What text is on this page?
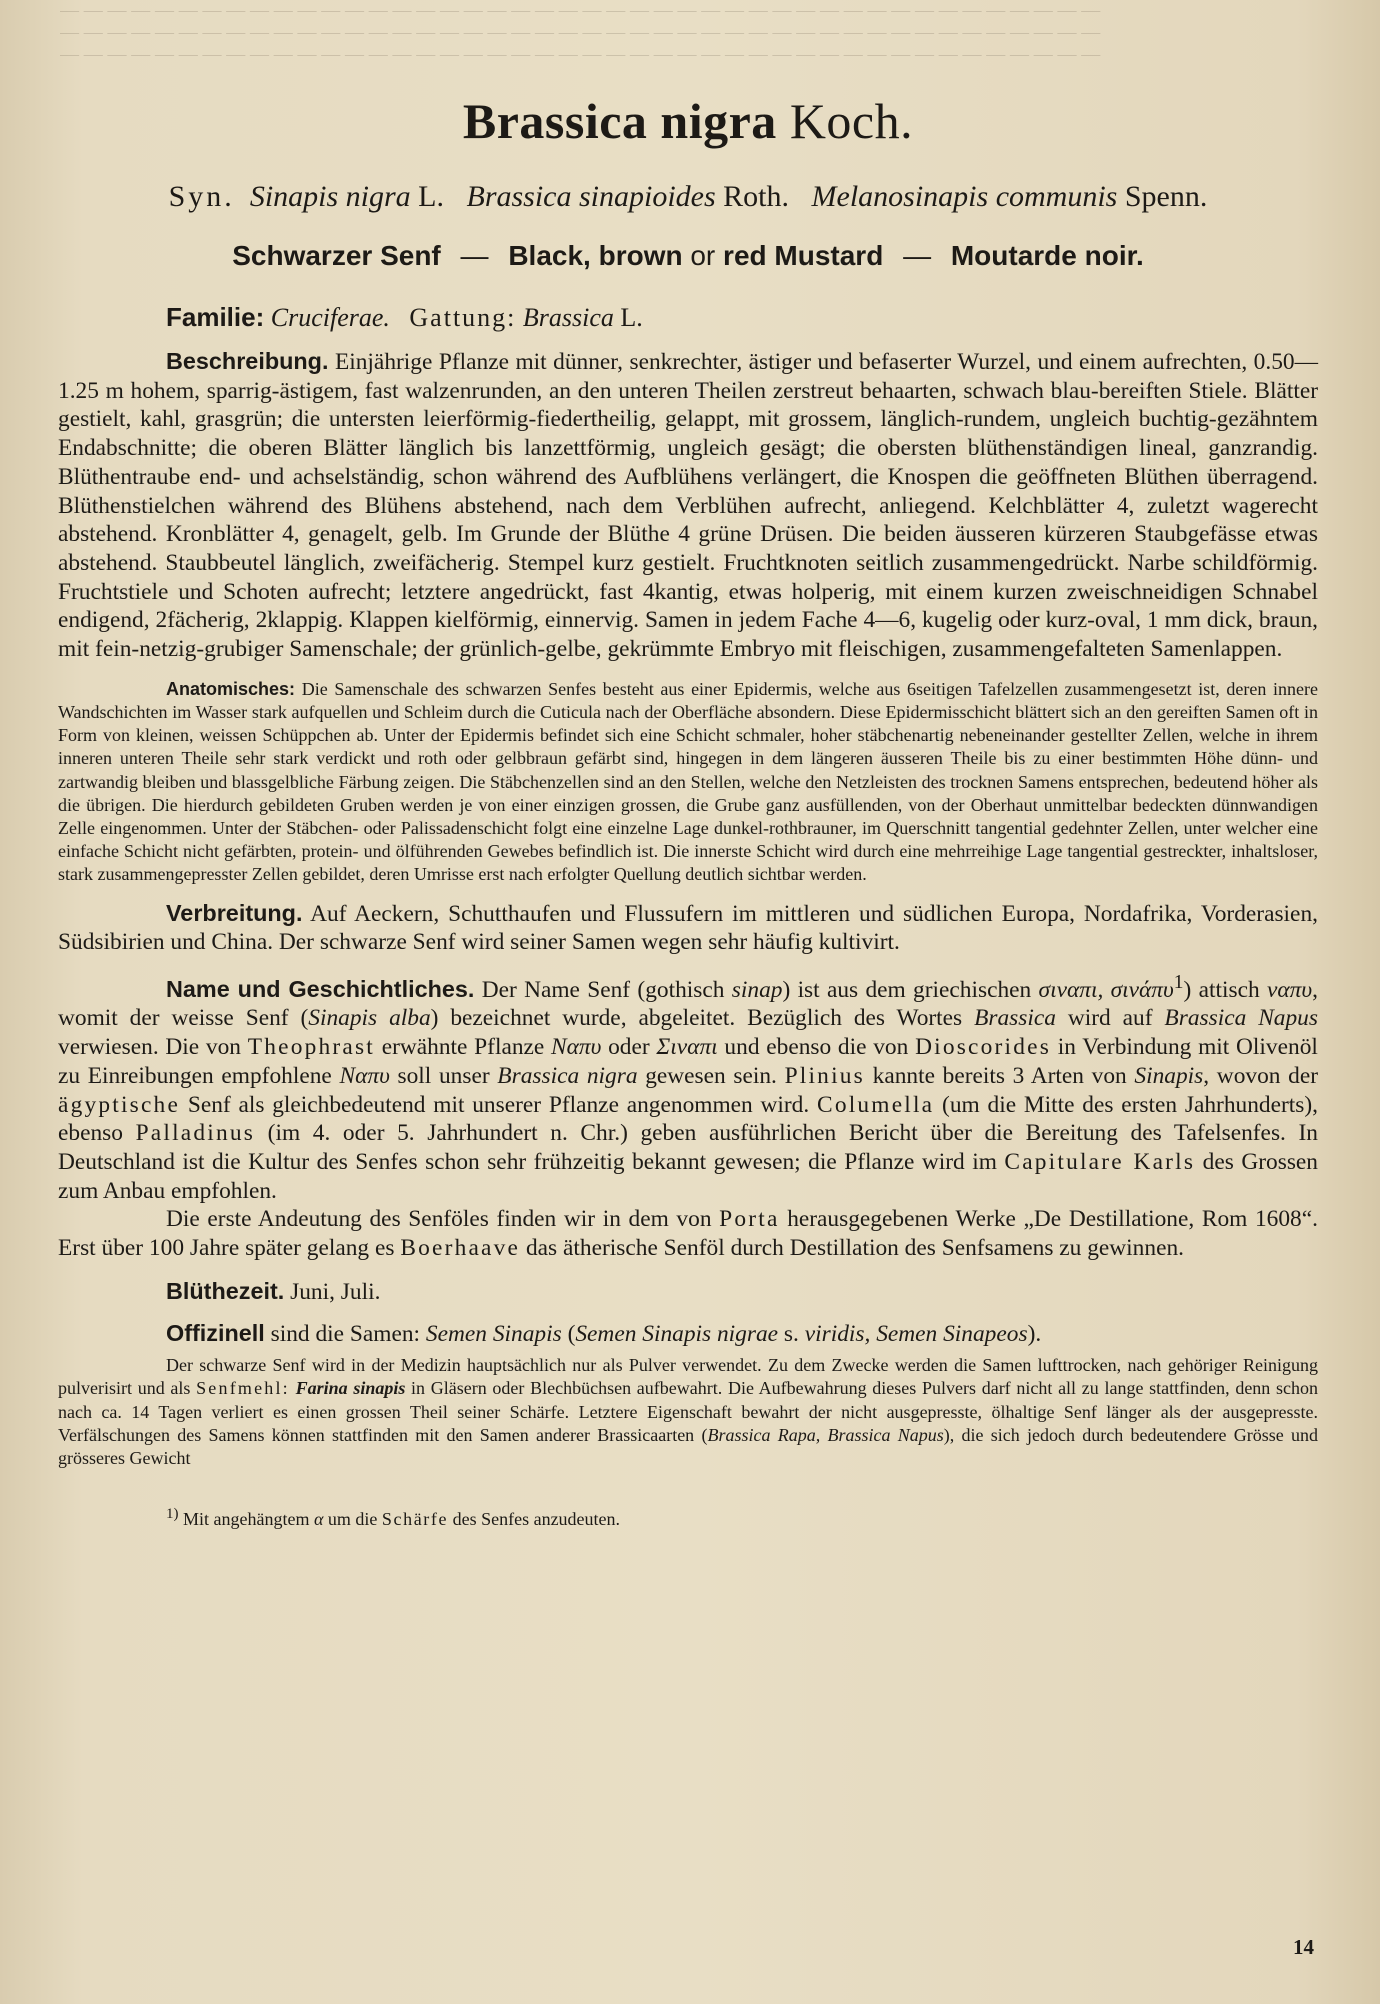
— — — — — — — — — — — — — — — — — — — — — — — — — — — — — — — — — — — — — — — — — — — —
— — — — — — — — — — — — — — — — — — — — — — — — — — — — — — — — — — — — — — — — — — — —
— — — — — — — — — — — — — — — — — — — — — — — — — — — — — — — — — — — — — — — — — — — —
Brassica nigra Koch.
Syn. Sinapis nigra L. Brassica sinapioides Roth. Melanosinapis communis Spenn.
Schwarzer Senf — Black, brown or red Mustard — Moutarde noir.
Familie: Cruciferae. Gattung: Brassica L.

Beschreibung. Einjährige Pflanze mit dünner, senkrechter, ästiger und befaserter Wurzel, und einem aufrechten, 0.50—1.25 m hohem, sparrig-ästigem, fast walzenrunden, an den unteren Theilen zerstreut behaarten, schwach blau-bereiften Stiele. Blätter gestielt, kahl, grasgrün; die untersten leierförmig-fiedertheilig, gelappt, mit grossem, länglich-rundem, ungleich buchtig-gezähntem Endabschnitte; die oberen Blätter länglich bis lanzettförmig, ungleich gesägt; die obersten blüthenständigen lineal, ganzrandig. Blüthentraube end- und achselständig, schon während des Aufblühens verlängert, die Knospen die geöffneten Blüthen überragend. Blüthenstielchen während des Blühens abstehend, nach dem Verblühen aufrecht, anliegend. Kelchblätter 4, zuletzt wagerecht abstehend. Kronblätter 4, genagelt, gelb. Im Grunde der Blüthe 4 grüne Drüsen. Die beiden äusseren kürzeren Staubgefässe etwas abstehend. Staubbeutel länglich, zweifächerig. Stempel kurz gestielt. Fruchtknoten seitlich zusammengedrückt. Narbe schildförmig. Fruchtstiele und Schoten aufrecht; letztere angedrückt, fast 4kantig, etwas holperig, mit einem kurzen zweischneidigen Schnabel endigend, 2fächerig, 2klappig. Klappen kielförmig, einnervig. Samen in jedem Fache 4—6, kugelig oder kurz-oval, 1 mm dick, braun, mit fein-netzig-grubiger Samenschale; der grünlich-gelbe, gekrümmte Embryo mit fleischigen, zusammengefalteten Samenlappen.

Anatomisches: Die Samenschale des schwarzen Senfes besteht aus einer Epidermis, welche aus 6seitigen Tafelzellen zusammengesetzt ist, deren innere Wandschichten im Wasser stark aufquellen und Schleim durch die Cuticula nach der Oberfläche absondern. Diese Epidermisschicht blättert sich an den gereiften Samen oft in Form von kleinen, weissen Schüppchen ab. Unter der Epidermis befindet sich eine Schicht schmaler, hoher stäbchenartig nebeneinander gestellter Zellen, welche in ihrem inneren unteren Theile sehr stark verdickt und roth oder gelbbraun gefärbt sind, hingegen in dem längeren äusseren Theile bis zu einer bestimmten Höhe dünn- und zartwandig bleiben und blassgelbliche Färbung zeigen. Die Stäbchenzellen sind an den Stellen, welche den Netzleisten des trocknen Samens entsprechen, bedeutend höher als die übrigen. Die hierdurch gebildeten Gruben werden je von einer einzigen grossen, die Grube ganz ausfüllenden, von der Oberhaut unmittelbar bedeckten dünnwandigen Zelle eingenommen. Unter der Stäbchen- oder Palissadenschicht folgt eine einzelne Lage dunkel-rothbrauner, im Querschnitt tangential gedehnter Zellen, unter welcher eine einfache Schicht nicht gefärbten, protein- und ölführenden Gewebes befindlich ist. Die innerste Schicht wird durch eine mehrreihige Lage tangential gestreckter, inhaltsloser, stark zusammengepresster Zellen gebildet, deren Umrisse erst nach erfolgter Quellung deutlich sichtbar werden.

Verbreitung. Auf Aeckern, Schutthaufen und Flussufern im mittleren und südlichen Europa, Nordafrika, Vorderasien, Südsibirien und China. Der schwarze Senf wird seiner Samen wegen sehr häufig kultivirt.

Name und Geschichtliches. Der Name Senf (gothisch sinap) ist aus dem griechischen σιναπι, σινάπυ$^1$) attisch ναπυ, womit der weisse Senf (Sinapis alba) bezeichnet wurde, abgeleitet. Bezüglich des Wortes Brassica wird auf Brassica Napus verwiesen. Die von Theophrast erwähnte Pflanze Ναπυ oder Σιναπι und ebenso die von Dioscorides in Verbindung mit Olivenöl zu Einreibungen empfohlene Ναπυ soll unser Brassica nigra gewesen sein. Plinius kannte bereits 3 Arten von Sinapis, wovon der ägyptische Senf als gleichbedeutend mit unserer Pflanze angenommen wird. Columella (um die Mitte des ersten Jahrhunderts), ebenso Palladinus (im 4. oder 5. Jahrhundert n. Chr.) geben ausführlichen Bericht über die Bereitung des Tafelsenfes. In Deutschland ist die Kultur des Senfes schon sehr frühzeitig bekannt gewesen; die Pflanze wird im Capitulare Karls des Grossen zum Anbau empfohlen.

Die erste Andeutung des Senföles finden wir in dem von Porta herausgegebenen Werke „De Destillatione, Rom 1608“. Erst über 100 Jahre später gelang es Boerhaave das ätherische Senföl durch Destillation des Senfsamens zu gewinnen.

Blüthezeit. Juni, Juli.

Offizinell sind die Samen: Semen Sinapis (Semen Sinapis nigrae s. viridis, Semen Sinapeos).

Der schwarze Senf wird in der Medizin hauptsächlich nur als Pulver verwendet. Zu dem Zwecke werden die Samen lufttrocken, nach gehöriger Reinigung pulverisirt und als Senfmehl: Farina sinapis in Gläsern oder Blechbüchsen aufbewahrt. Die Aufbewahrung dieses Pulvers darf nicht all zu lange stattfinden, denn schon nach ca. 14 Tagen verliert es einen grossen Theil seiner Schärfe. Letztere Eigenschaft bewahrt der nicht ausgepresste, ölhaltige Senf länger als der ausgepresste. Verfälschungen des Samens können stattfinden mit den Samen anderer Brassicaarten (Brassica Rapa, Brassica Napus), die sich jedoch durch bedeutendere Grösse und grösseres Gewicht

$^{1)}$ Mit angehängtem α um die Schärfe des Senfes anzudeuten.
14
